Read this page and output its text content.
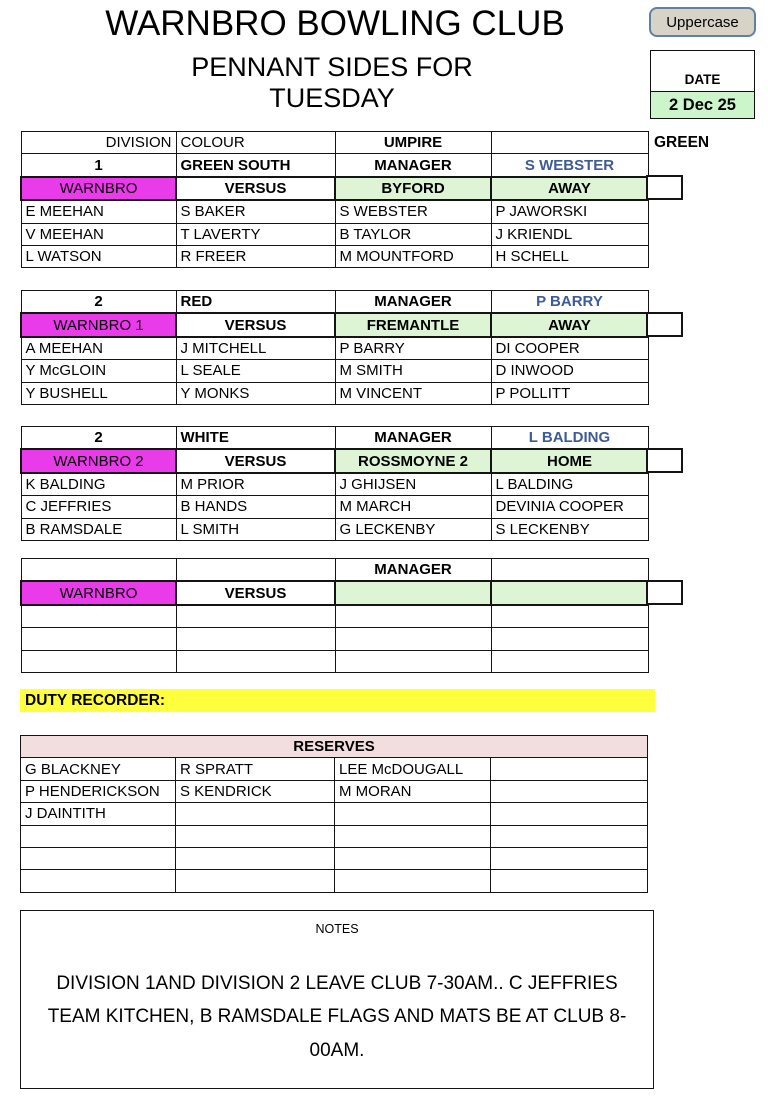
WARNBRO BOWLING CLUB
PENNANT SIDES FOR
TUESDAY
Uppercase
DATE
2 Dec 25
DIVISION	COLOUR	UMPIRE	
1	GREEN SOUTH	MANAGER	S WEBSTER
WARNBRO	VERSUS	BYFORD	AWAY
E MEEHAN	S BAKER	S WEBSTER	P JAWORSKI
V MEEHAN	T LAVERTY	B TAYLOR	J KRIENDL
L WATSON	R FREER	M MOUNTFORD	H SCHELL
GREEN
2	RED	MANAGER	P BARRY
WARNBRO 1	VERSUS	FREMANTLE	AWAY
A MEEHAN	J MITCHELL	P BARRY	DI COOPER
Y McGLOIN	L SEALE	M SMITH	D INWOOD
Y BUSHELL	Y MONKS	M VINCENT	P POLLITT
2	WHITE	MANAGER	L BALDING
WARNBRO 2	VERSUS	ROSSMOYNE 2	HOME
K BALDING	M PRIOR	J GHIJSEN	L BALDING
C JEFFRIES	B HANDS	M MARCH	DEVINIA COOPER
B RAMSDALE	L SMITH	G LECKENBY	S LECKENBY
		MANAGER	
WARNBRO	VERSUS		

DUTY RECORDER:
RESERVES			
G BLACKNEY	R SPRATT	LEE McDOUGALL	
P HENDERICKSON	S KENDRICK	M MORAN	
J DAINTITH			

NOTES
DIVISION 1AND DIVISION 2 LEAVE CLUB 7-30AM.. C JEFFRIES TEAM KITCHEN, B RAMSDALE FLAGS AND MATS BE AT CLUB 8-00AM.
